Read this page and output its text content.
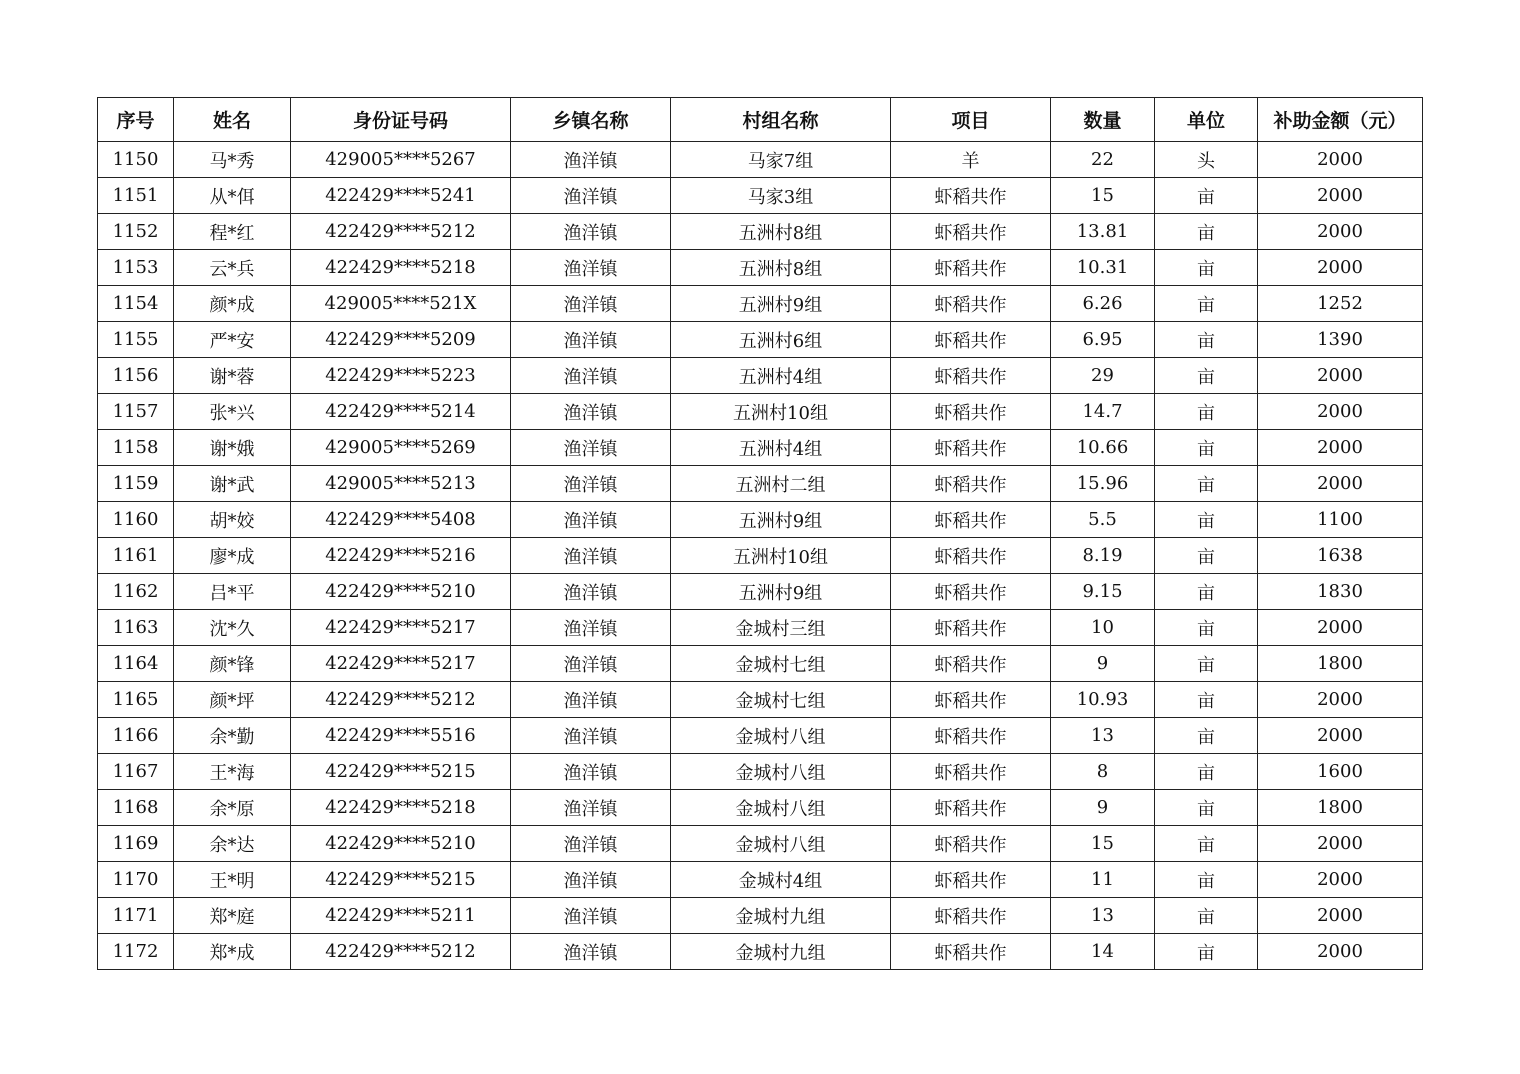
序号	姓名	身份证号码	乡镇名称	村组名称	项目	数量	单位	补助金额（元）
1150	马*秀	429005****5267	渔洋镇	马家7组	羊	22	头	2000
1151	从*佴	422429****5241	渔洋镇	马家3组	虾稻共作	15	亩	2000
1152	程*红	422429****5212	渔洋镇	五洲村8组	虾稻共作	13.81	亩	2000
1153	云*兵	422429****5218	渔洋镇	五洲村8组	虾稻共作	10.31	亩	2000
1154	颜*成	429005****521X	渔洋镇	五洲村9组	虾稻共作	6.26	亩	1252
1155	严*安	422429****5209	渔洋镇	五洲村6组	虾稻共作	6.95	亩	1390
1156	谢*蓉	422429****5223	渔洋镇	五洲村4组	虾稻共作	29	亩	2000
1157	张*兴	422429****5214	渔洋镇	五洲村10组	虾稻共作	14.7	亩	2000
1158	谢*娥	429005****5269	渔洋镇	五洲村4组	虾稻共作	10.66	亩	2000
1159	谢*武	429005****5213	渔洋镇	五洲村二组	虾稻共作	15.96	亩	2000
1160	胡*姣	422429****5408	渔洋镇	五洲村9组	虾稻共作	5.5	亩	1100
1161	廖*成	422429****5216	渔洋镇	五洲村10组	虾稻共作	8.19	亩	1638
1162	吕*平	422429****5210	渔洋镇	五洲村9组	虾稻共作	9.15	亩	1830
1163	沈*久	422429****5217	渔洋镇	金城村三组	虾稻共作	10	亩	2000
1164	颜*锋	422429****5217	渔洋镇	金城村七组	虾稻共作	9	亩	1800
1165	颜*坪	422429****5212	渔洋镇	金城村七组	虾稻共作	10.93	亩	2000
1166	余*勤	422429****5516	渔洋镇	金城村八组	虾稻共作	13	亩	2000
1167	王*海	422429****5215	渔洋镇	金城村八组	虾稻共作	8	亩	1600
1168	余*原	422429****5218	渔洋镇	金城村八组	虾稻共作	9	亩	1800
1169	余*达	422429****5210	渔洋镇	金城村八组	虾稻共作	15	亩	2000
1170	王*明	422429****5215	渔洋镇	金城村4组	虾稻共作	11	亩	2000
1171	郑*庭	422429****5211	渔洋镇	金城村九组	虾稻共作	13	亩	2000
1172	郑*成	422429****5212	渔洋镇	金城村九组	虾稻共作	14	亩	2000
